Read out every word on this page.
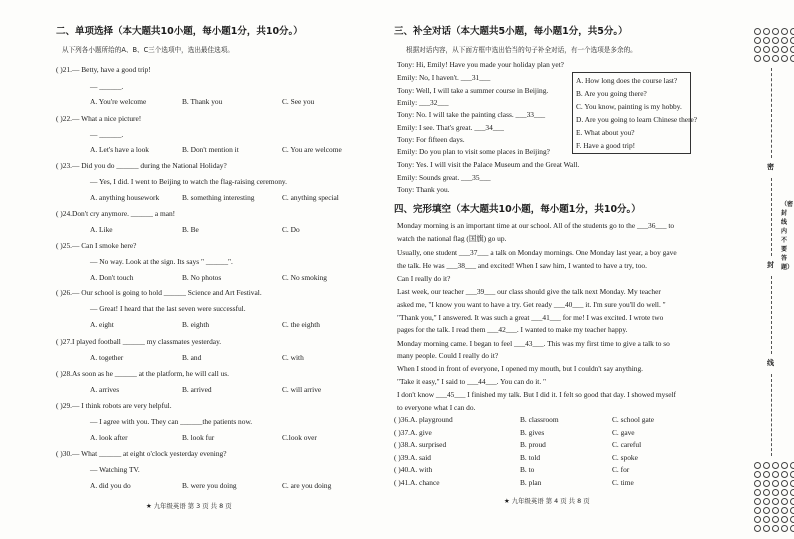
二、单项选择（本大题共10小题，每小题1分，共10分。）
从下列各小题所给的A、B、C三个选项中，选出最佳选项。
( )21.— Betty, have a good trip!
— ______.
A. You're welcome	B. Thank you	C. See you
( )22.— What a nice picture!
— ______.
A. Let's have a look	B. Don't mention it	C. You are welcome
( )23.— Did you do ______ during the National Holiday?
— Yes, I did. I went to Beijing to watch the flag-raising ceremony.
A. anything housework	B. something interesting	C. anything special
( )24.Don't cry anymore. ______ a man!
A. Like	B. Be	C. Do
( )25.— Can I smoke here?
— No way. Look at the sign. Its says " ______".
A. Don't touch	B. No photos	C. No smoking
( )26.— Our school is going to hold ______ Science and Art Festival.
— Great! I heard that the last seven were successful.
A. eight	B. eighth	C. the eighth
( )27.I played football ______ my classmates yesterday.
A. together	B. and	C. with
( )28.As soon as he ______ at the platform, he will call us.
A. arrives	B. arrived	C. will arrive
( )29.— I think robots are very helpful.
— I agree with you. They can ______the patients now.
A. look after	B. look fur	C.look over
( )30.— What ______ at eight o'clock yesterday evening?
— Watching TV.
A. did you do	B. were you doing	C. are you doing
★ 九年级英语 第 3 页 共 8 页
三、补全对话（本大题共5小题，每小题1分，共5分。）
根据对话内容，从下面方框中选出恰当的句子补全对话，有一个选项是多余的。
Tony: Hi, Emily! Have you made your holiday plan yet?
Emily: No, I haven't. ___31___
Tony: Well, I will take a summer course in Beijing.
Emily: ___32___
Tony: No. I will take the painting class. ___33___
Emily: I see. That's great. ___34___
Tony: For fifteen days.
Emily: Do you plan to visit some places in Beijing?
Tony: Yes. I will visit the Palace Museum and the Great Wall.
Emily: Sounds great. ___35___
Tony: Thank you.
四、完形填空（本大题共10小题，每小题1分，共10分。）
Monday morning is an important time at our school. All of the students go to the ___36___ to
watch the national flag (国旗) go up.
Usually, one student ___37___ a talk on Monday mornings. One Monday last year, a boy gave
the talk. He was ___38___ and excited! When I saw him, I wanted to have a try, too.
Can I really do it?
Last week, our teacher ___39___ our class should give the talk next Monday. My teacher
asked me, "I know you want to have a try. Get ready ___40___ it. I'm sure you'll do well. "
"Thank you," I answered. It was such a great ___41___ for me! I was excited. I wrote two
pages for the talk. I read them ___42___. I wanted to make my teacher happy.
Monday morning came. I began to feel ___43___. This was my first time to give a talk to so
many people. Could I really do it?
When I stood in front of everyone, I opened my mouth, but I couldn't say anything.
"Take it easy," I said to ___44___. You can do it. "
I don't know ___45___ I finished my talk. But I did it. I felt so good that day. I showed myself
to everyone what I can do.
( )36.A. playground	B. classroom	C. school gate
( )37.A. give	B. gives	C. gave
( )38.A. surprised	B. proud	C. careful
( )39.A. said	B. told	C. spoke
( )40.A. with	B. to	C. for
( )41.A. chance	B. plan	C. time
★ 九年级英语 第 4 页 共 8 页
A. How long does the course last?
B. Are you going there?
C. You know, painting is my hobby.
D. Are you going to learn Chinese there?
E. What about you?
F. Have a good trip!
密
封
线
（密 封 线 内 不 要 答 题）
